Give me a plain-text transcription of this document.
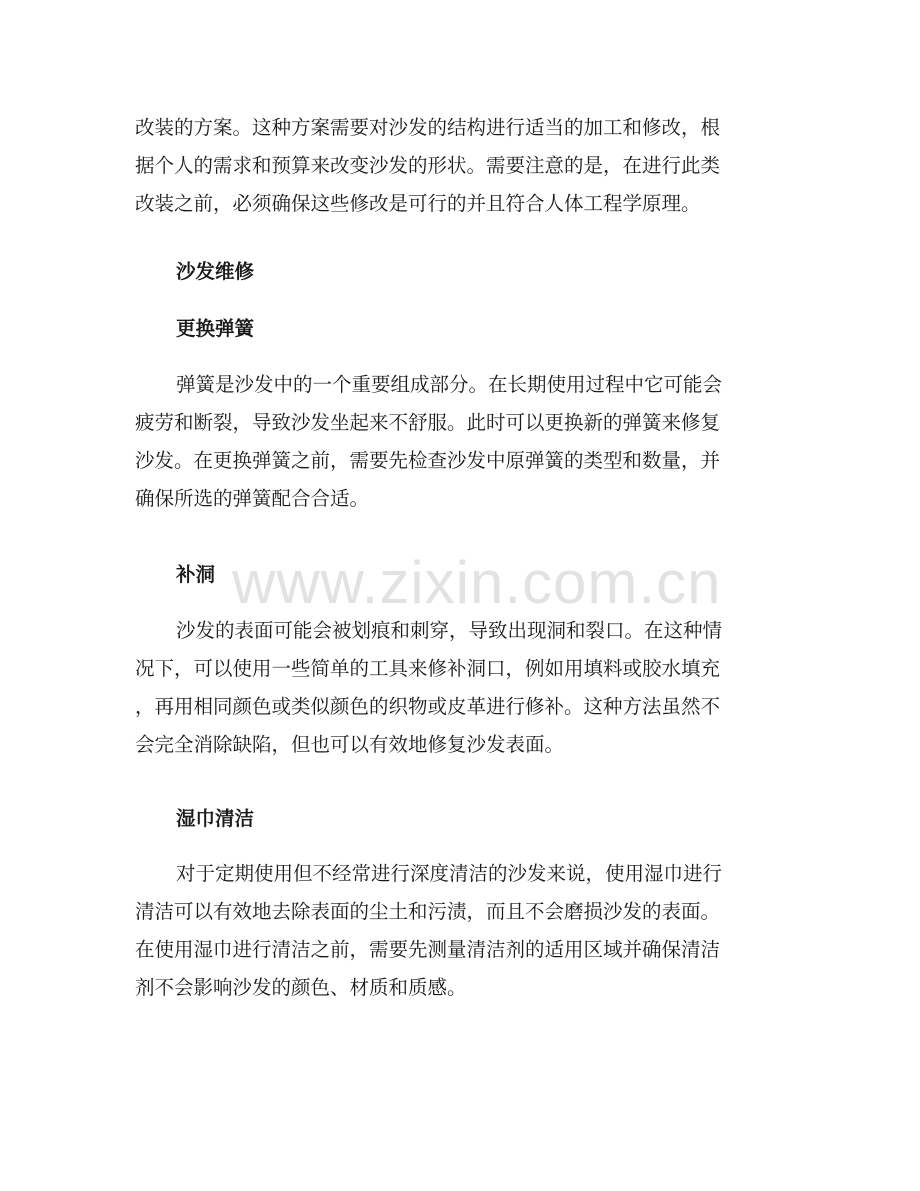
www.zixin.com.cn
改装的方案。这种方案需要对沙发的结构进行适当的加工和修改，根
据个人的需求和预算来改变沙发的形状。需要注意的是，在进行此类
改装之前，必须确保这些修改是可行的并且符合人体工程学原理。
沙发维修
更换弹簧
弹簧是沙发中的一个重要组成部分。在长期使用过程中它可能会
疲劳和断裂，导致沙发坐起来不舒服。此时可以更换新的弹簧来修复
沙发。在更换弹簧之前，需要先检查沙发中原弹簧的类型和数量，并
确保所选的弹簧配合合适。
补洞
沙发的表面可能会被划痕和刺穿，导致出现洞和裂口。在这种情
况下，可以使用一些简单的工具来修补洞口，例如用填料或胶水填充
，再用相同颜色或类似颜色的织物或皮革进行修补。这种方法虽然不
会完全消除缺陷，但也可以有效地修复沙发表面。
湿巾清洁
对于定期使用但不经常进行深度清洁的沙发来说，使用湿巾进行
清洁可以有效地去除表面的尘土和污渍，而且不会磨损沙发的表面。
在使用湿巾进行清洁之前，需要先测量清洁剂的适用区域并确保清洁
剂不会影响沙发的颜色、材质和质感。
